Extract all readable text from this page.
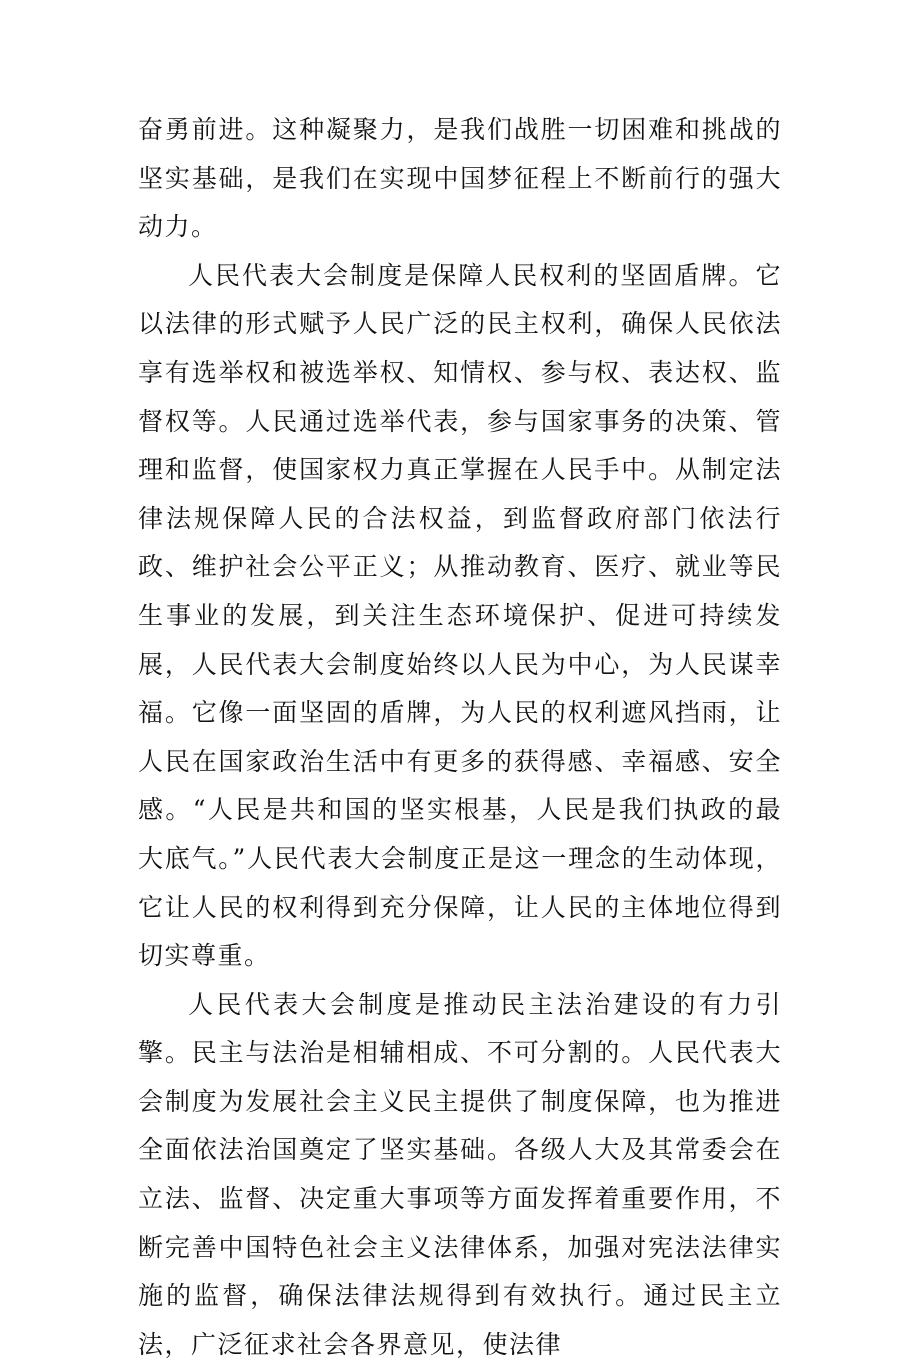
奋勇前进。这种凝聚力，是我们战胜一切困难和挑战的坚实基础，是我们在实现中国梦征程上不断前行的强大动力。

人民代表大会制度是保障人民权利的坚固盾牌。它以法律的形式赋予人民广泛的民主权利，确保人民依法享有选举权和被选举权、知情权、参与权、表达权、监督权等。人民通过选举代表，参与国家事务的决策、管理和监督，使国家权力真正掌握在人民手中。从制定法律法规保障人民的合法权益，到监督政府部门依法行政、维护社会公平正义；从推动教育、医疗、就业等民生事业的发展，到关注生态环境保护、促进可持续发展，人民代表大会制度始终以人民为中心，为人民谋幸福。它像一面坚固的盾牌，为人民的权利遮风挡雨，让人民在国家政治生活中有更多的获得感、幸福感、安全感。“人民是共和国的坚实根基，人民是我们执政的最大底气。”人民代表大会制度正是这一理念的生动体现，它让人民的权利得到充分保障，让人民的主体地位得到切实尊重。

人民代表大会制度是推动民主法治建设的有力引擎。民主与法治是相辅相成、不可分割的。人民代表大会制度为发展社会主义民主提供了制度保障，也为推进全面依法治国奠定了坚实基础。各级人大及其常委会在立法、监督、决定重大事项等方面发挥着重要作用，不断完善中国特色社会主义法律体系，加强对宪法法律实施的监督，确保法律法规得到有效执行。通过民主立法，广泛征求社会各界意见，使法律
